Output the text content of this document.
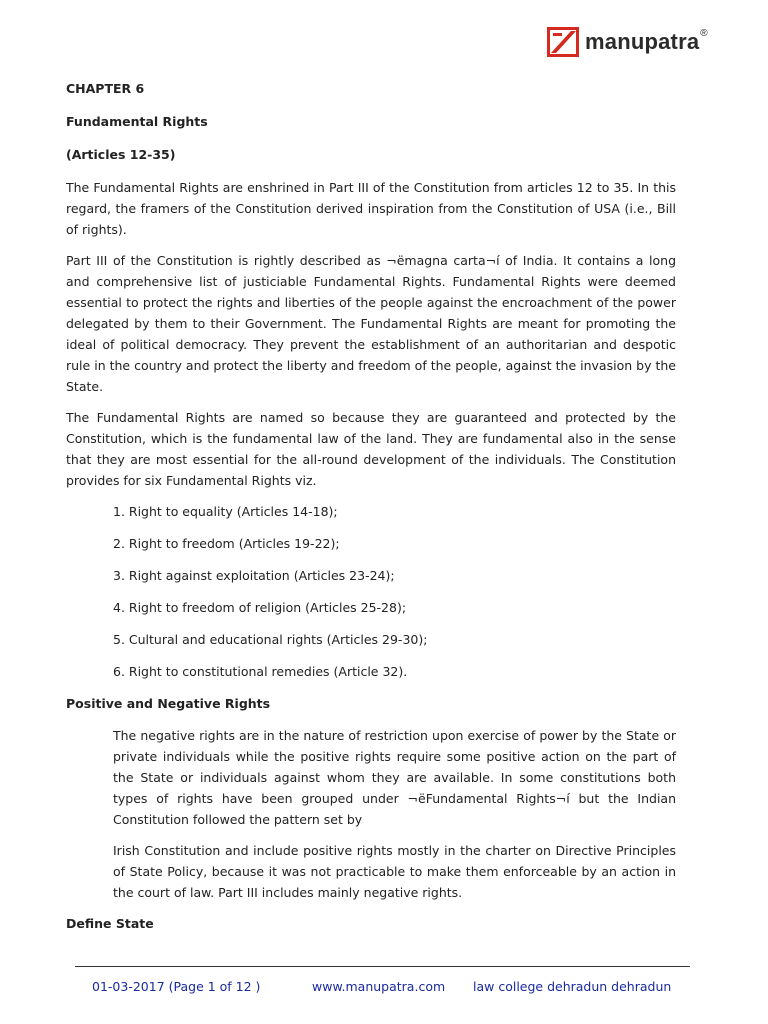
manupatra ®

CHAPTER 6

Fundamental Rights

(Articles 12-35)

The Fundamental Rights are enshrined in Part III of the Constitution from articles 12 to 35. In this regard, the framers of the Constitution derived inspiration from the Constitution of USA (i.e., Bill of rights).

Part III of the Constitution is rightly described as ¬ëmagna carta¬í of India. It contains a long and comprehensive list of justiciable Fundamental Rights. Fundamental Rights were deemed essential to protect the rights and liberties of the people against the encroachment of the power delegated by them to their Government. The Fundamental Rights are meant for promoting the ideal of political democracy. They prevent the establishment of an authoritarian and despotic rule in the country and protect the liberty and freedom of the people, against the invasion by the State.

The Fundamental Rights are named so because they are guaranteed and protected by the Constitution, which is the fundamental law of the land. They are fundamental also in the sense that they are most essential for the all-round development of the individuals. The Constitution provides for six Fundamental Rights viz.

1. Right to equality (Articles 14-18);

2. Right to freedom (Articles 19-22);

3. Right against exploitation (Articles 23-24);

4. Right to freedom of religion (Articles 25-28);

5. Cultural and educational rights (Articles 29-30);

6. Right to constitutional remedies (Article 32).

Positive and Negative Rights

The negative rights are in the nature of restriction upon exercise of power by the State or private individuals while the positive rights require some positive action on the part of the State or individuals against whom they are available. In some constitutions both types of rights have been grouped under ¬ëFundamental Rights¬í but the Indian Constitution followed the pattern set by

Irish Constitution and include positive rights mostly in the charter on Directive Principles of State Policy, because it was not practicable to make them enforceable by an action in the court of law. Part III includes mainly negative rights.

Define State

01-03-2017 (Page 1 of 12 )	www.manupatra.com law college dehradun dehradun
